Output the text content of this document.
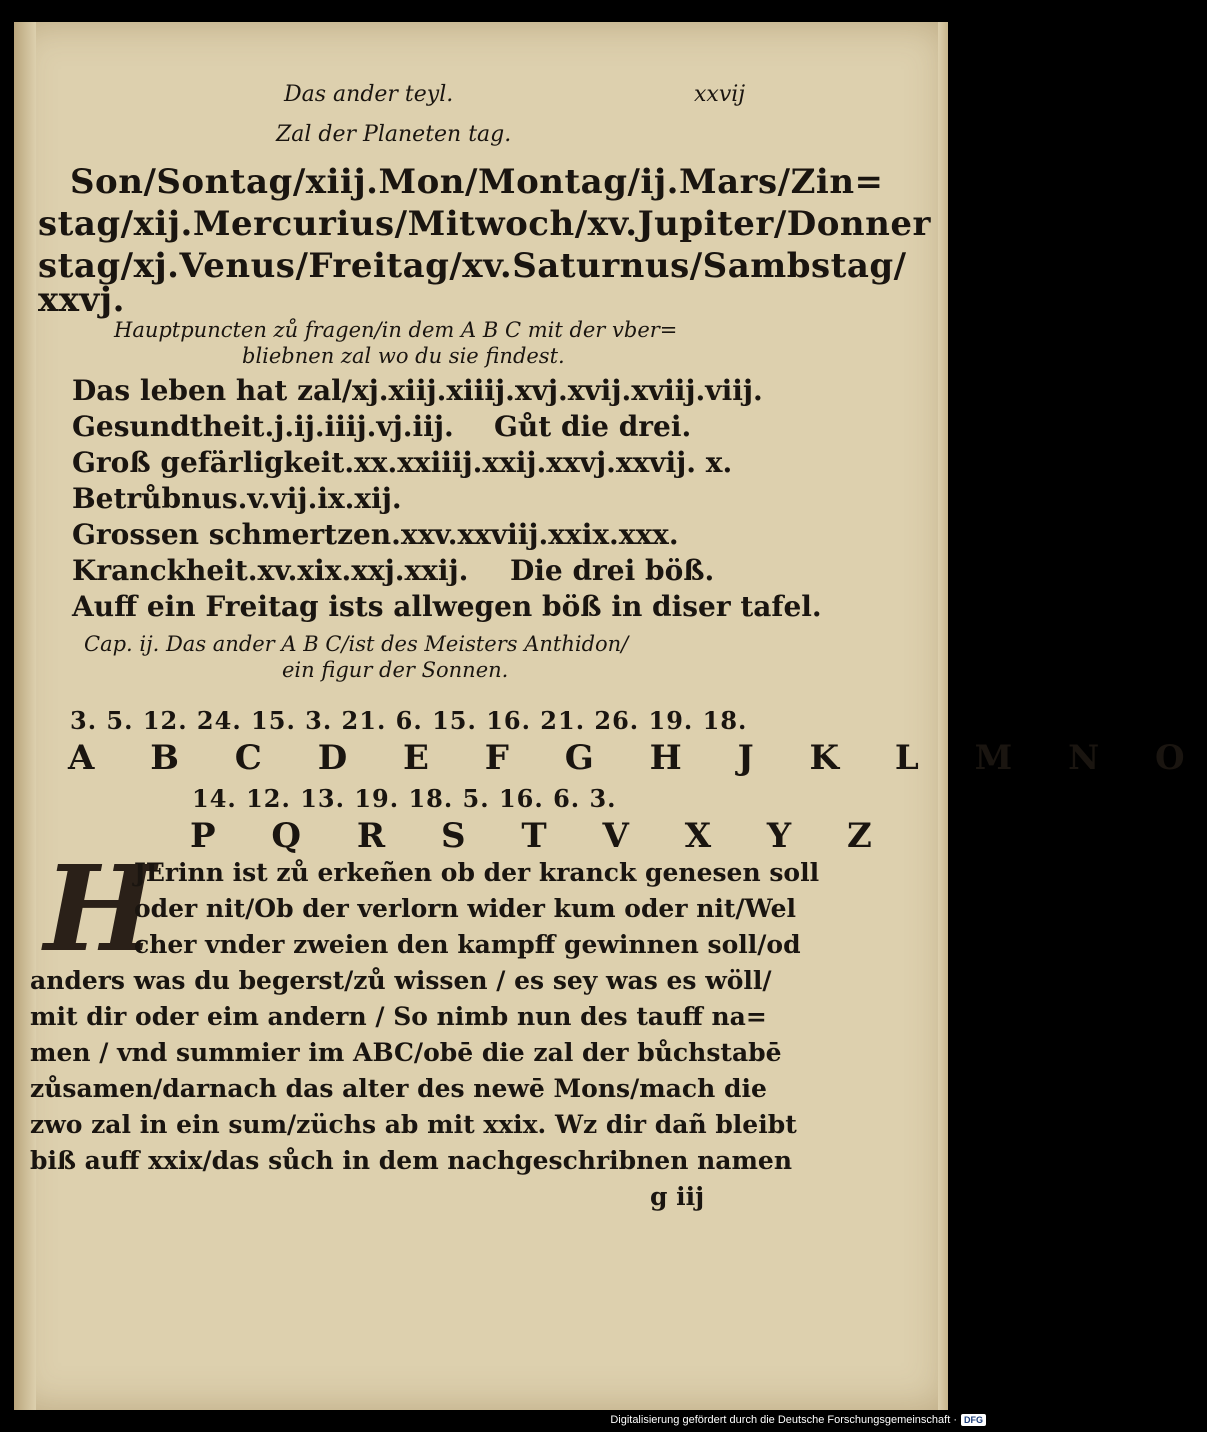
Das ander teyl.	xxvij
Zal der Planeten tag.
Son/Sontag/xiij.Mon/Montag/ij.Mars/Zin=
stag/xij.Mercurius/Mitwoch/xv.Jupiter/Donner
stag/xj.Venus/Freitag/xv.Saturnus/Sambstag/
xxvj.
Hauptpuncten zů fragen/in dem A B C mit der vber=
bliebnen zal wo du sie findest.
Das leben hat zal/xj.xiij.xiiij.xvj.xvij.xviij.viij.
Gesundtheit.j.ij.iiij.vj.iij. Gůt die drei.
Groß gefärligkeit.xx.xxiiij.xxij.xxvj.xxvij. x.
Betrůbnus.v.vij.ix.xij.
Grossen schmertzen.xxv.xxviij.xxix.xxx.
Kranckheit.xv.xix.xxj.xxij. Die drei böß.
Auff ein Freitag ists allwegen böß in diser tafel.
Cap. ij. Das ander A B C/ist des Meisters Anthidon/
ein figur der Sonnen.
3. 5. 12. 24. 15. 3. 21. 6. 15. 16. 21. 26. 19. 18.
A B C D E F G H J K L M N O
14. 12. 13. 19. 18. 5. 16. 6. 3.
P Q R S T V X Y Z
H
JErinn ist zů erkeñen ob der kranck genesen soll
oder nit/Ob der verlorn wider kum oder nit/Wel
cher vnder zweien den kampff gewinnen soll/od
anders was du begerst/zů wissen / es sey was es wöll/
mit dir oder eim andern / So nimb nun des tauff na=
men / vnd summier im ABC/obē die zal der bůchstabē
zůsamen/darnach das alter des newē Mons/mach die
zwo zal in ein sum/züchs ab mit xxix. Wz dir dañ bleibt
biß auff xxix/das sůch in dem nachgeschribnen namen
g iij
Digitalisierung gefördert durch die Deutsche Forschungsgemeinschaft · DFG
